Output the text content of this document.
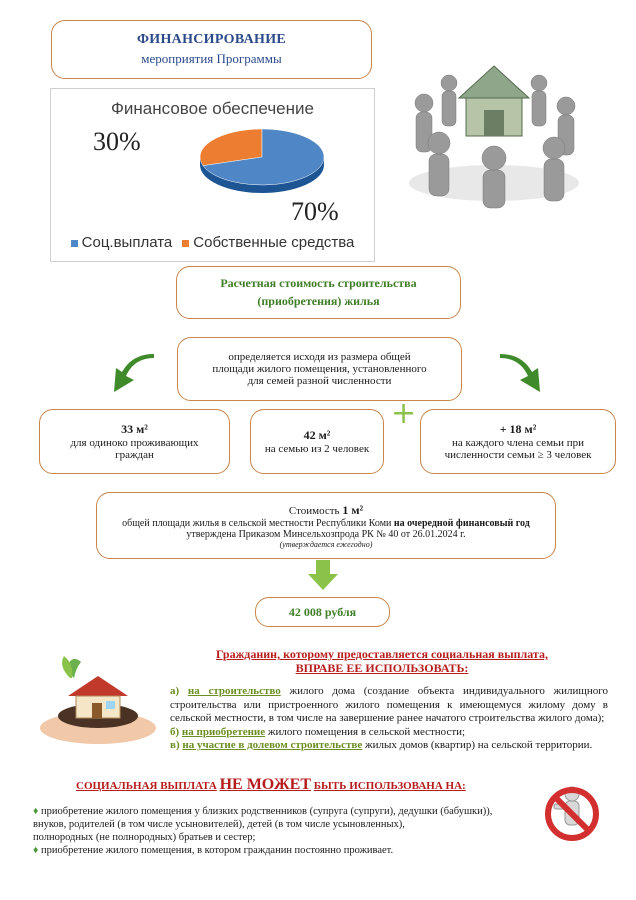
ФИНАНСИРОВАНИЕ
мероприятия Программы
Финансовое обеспечение
30%
70%
Соц.выплата	Собственные средства
Расчетная стоимость строительства
(приобретения) жилья
определяется исходя из размера общей
площади жилого помещения, установленного
для семей разной численности
33 м²
для одиноко проживающих
граждан
42 м²
на семью из 2 человек
+	+ 18 м²
на каждого члена семьи при
численности семьи ≥ 3 человек
Стоимость 1 м²
общей площади жилья в сельской местности Республики Коми на очередной финансовый год
утверждена Приказом Минсельхозпрода РК № 40 от 26.01.2024 г.
(утверждается ежегодно)
42 008 рубля
Гражданин, которому предоставляется социальная выплата,
ВПРАВЕ ЕЕ ИСПОЛЬЗОВАТЬ:
а) на строительство жилого дома (создание объекта индивидуального жилищного строительства или пристроенного жилого помещения к имеющемуся жилому дому в сельской местности, в том числе на завершение ранее начатого строительства жилого дома);
б) на приобретение жилого помещения в сельской местности;
в) на участие в долевом строительстве жилых домов (квартир) на сельской территории.
СОЦИАЛЬНАЯ ВЫПЛАТА НЕ МОЖЕТ БЫТЬ ИСПОЛЬЗОВАНА НА:
♦ приобретение жилого помещения у близких родственников (супруга (супруги), дедушки (бабушки)),
внуков, родителей (в том числе усыновителей), детей (в том числе усыновленных),
полнородных (не полнородных) братьев и сестер;
♦ приобретение жилого помещения, в котором гражданин постоянно проживает.
